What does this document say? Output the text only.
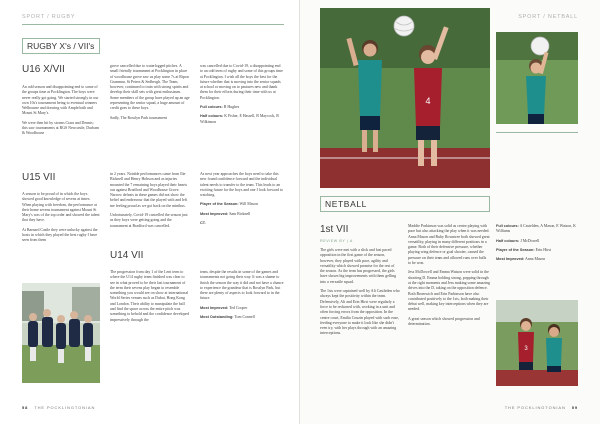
SPORT / RUGBY
RUGBY X's / VII's
U16 X/VII

An odd season and disappointing end to some of the groups time at Pocklington. The boys were never really got going. We started strongly in our own 10s's tournament being to eventual winners Welbourne and drawing with Ampleforth and Mount St Mary's.

We were then hit by storms Ciara and Dennis; this saw tournaments at RGS Newcastle, Durham & Woodhouse

grove cancelled due to waterlogged pitches. A small friendly tournament at Pocklington in place of woodhouse grove saw us play some 7s at Ripon Grammar, St Peters & Sedbergh. The Team, however, continued to train with strong spirits and develop their skill sets with great enthusiasm. Some members of the group have played up an age representing the senior squad, a huge amount of credit goes to these boys.

Sadly, The Rosslyn Park tournament

was cancelled due to Covid-19, a disappointing end to an odd term of rugby and some of this groups time at Pocklington. I wish all the boys the best for the future whether that is moving into the senior squads at school or moving on to pastures new and thank them for their efforts during their time with us at Pocklington.

Full colours: B Hughes

Half colours: K Fisher, E Hassell, B Maycock, B Wilkinson

U15 VII

A season to be proud of in which the boys showed good knowledge of sevens at times. When playing with freedom, the performance at their home sevens tournament against Mount St Mary's was of the top order and showed the talent that they have.

At Barnard Castle they were unlucky against the hosts in which they played the best rugby I have seen from them

in 2 years. Notable performances came from Ilie Bicknell and Henry Hobson and as injuries mounted the 7 remaining boys played their hearts out against Bradford and Woodhouse Grove. Narrow defeats in these games did not show the belief and endeavour that the played with and left me feeling proud as we got back on the minibus.

Unfortunately, Covid-19 cancelled the season just as they boys were getting going and the tournament at Bradford was cancelled.

As next year approaches the boys need to take this new found confidence forward and the individual talent needs to transfer to the team. This leads to an exciting future for the boys and one I look forward to watching.

Player of the Season: Will Mason

Most Improved: Sam Bicknell

CT.

U14 VII

The progression from day 1 of the Lent term to where the U14 rugby team finished was clear to see in what proved to be their last tournament of the term their sevens play began to resemble something you would see on show at international World Series venues such as Dubai, Hong Kong and London. Their ability to manipulate the ball and find the space across the entire pitch was something to behold and the confidence developed impressively through the

team, despite the results in some of the games and tournaments not going their way. It was a shame to finish the season the way it did and not have a chance to experience the grandeur that is Rosslyn Park, but there are plenty of aspects to look forward to in the future.

Most Improved: Ted Cooper

Most Outstanding: Tom Connell

58 THE POCKLINGTONIAN
SPORT / NETBALL
4
NETBALL
1st VII
REVIEW BY | A

The girls were met with a slick and fast paced opposition in the first game of the season, however, they played with pace, agility and versatility which showed promise for the rest of the season. As the term has progressed, the girls have shown big improvements with them gelling into a versatile squad.

The 1sts were captained well by Ali Castleden who always kept the positivity within the team. Defensively, Ali and Erin Hirst were regularly a force to be reckoned with, working in a unit and often forcing errors from the opposition. In the centre court, Emilia Couzin played with such ease, feeding everyone to make it look like she didn't even try, with her plays through with an amazing interceptions.

Maddie Parkinson was solid as centre playing with pace but also attacking the play when it was needed. Anna Mason and Ruby Rowntree both showed great versatility, playing in many different positions in a game. Both of their defensive pressure, whether playing wing defence or goal shooter, caused the pressure on their team and allowed runs over balls to be won.

Jess McDowell and Emma Watson were solid in the shooting D. Emma holding strong, popping through at the right moments and Jess making some amazing drives into the D, taking on the opposition defence. Both Bromwich and Erin Parkinson have also contributed positively to the 1sts, both making their debut well, making key interceptions when they are needed.

A great season which showed progression and determination.

Full colours: A Castelden, A Mason, E Watson, K Williams

Half colours: J McDowell

Player of the Season: Erin Hirst

Most Improved: Anna Mason

3
THE POCKLINGTONIAN 59
